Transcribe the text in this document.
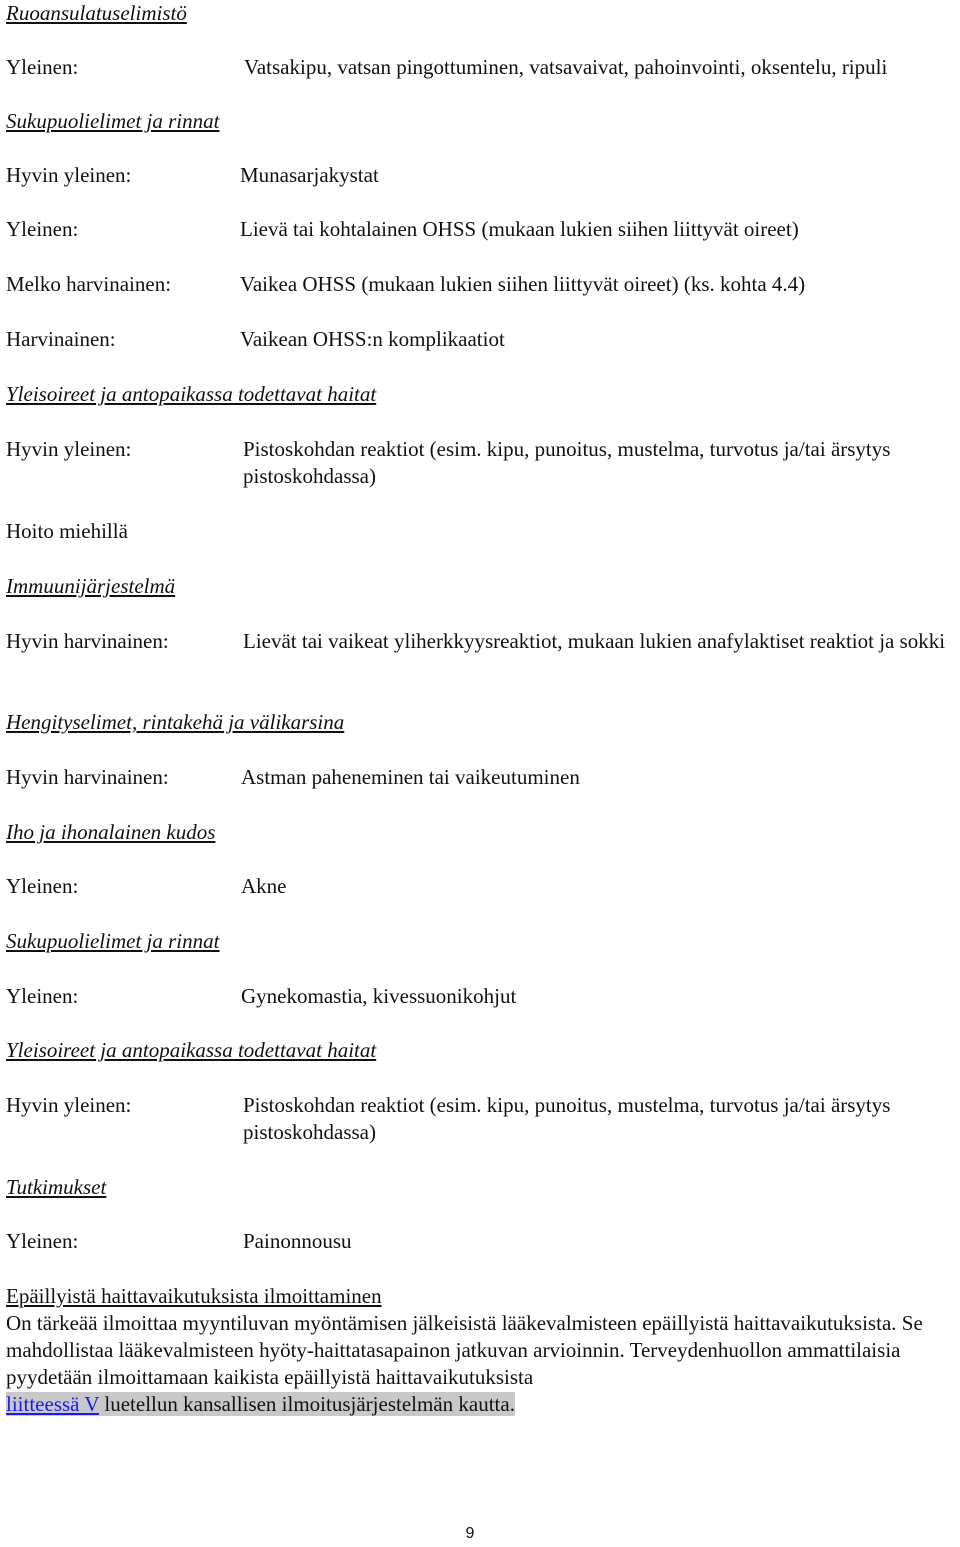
Ruoansulatuselimistö
Yleinen:	Vatsakipu, vatsan pingottuminen, vatsavaivat, pahoinvointi, oksentelu, ripuli
Sukupuolielimet ja rinnat
Hyvin yleinen:	Munasarjakystat
Yleinen:	Lievä tai kohtalainen OHSS (mukaan lukien siihen liittyvät oireet)
Melko harvinainen:	Vaikea OHSS (mukaan lukien siihen liittyvät oireet) (ks. kohta 4.4)
Harvinainen:	Vaikean OHSS:n komplikaatiot
Yleisoireet ja antopaikassa todettavat haitat
Hyvin yleinen:	Pistoskohdan reaktiot (esim. kipu, punoitus, mustelma, turvotus ja/tai ärsytys pistoskohdassa)
Hoito miehillä
Immuunijärjestelmä
Hyvin harvinainen:	Lievät tai vaikeat yliherkkyysreaktiot, mukaan lukien anafylaktiset reaktiot ja sokki
Hengityselimet, rintakehä ja välikarsina
Hyvin harvinainen:	Astman paheneminen tai vaikeutuminen
Iho ja ihonalainen kudos
Yleinen:	Akne
Sukupuolielimet ja rinnat
Yleinen:	Gynekomastia, kivessuonikohjut
Yleisoireet ja antopaikassa todettavat haitat
Hyvin yleinen:	Pistoskohdan reaktiot (esim. kipu, punoitus, mustelma, turvotus ja/tai ärsytys pistoskohdassa)
Tutkimukset
Yleinen:	Painonnousu
Epäillyistä haittavaikutuksista ilmoittaminen
On tärkeää ilmoittaa myyntiluvan myöntämisen jälkeisistä lääkevalmisteen epäillyistä haittavaikutuksista. Se mahdollistaa lääkevalmisteen hyöty-haittatasapainon jatkuvan arvioinnin. Terveydenhuollon ammattilaisia pyydetään ilmoittamaan kaikista epäillyistä haittavaikutuksista
liitteessä V luetellun kansallisen ilmoitusjärjestelmän kautta.
9
